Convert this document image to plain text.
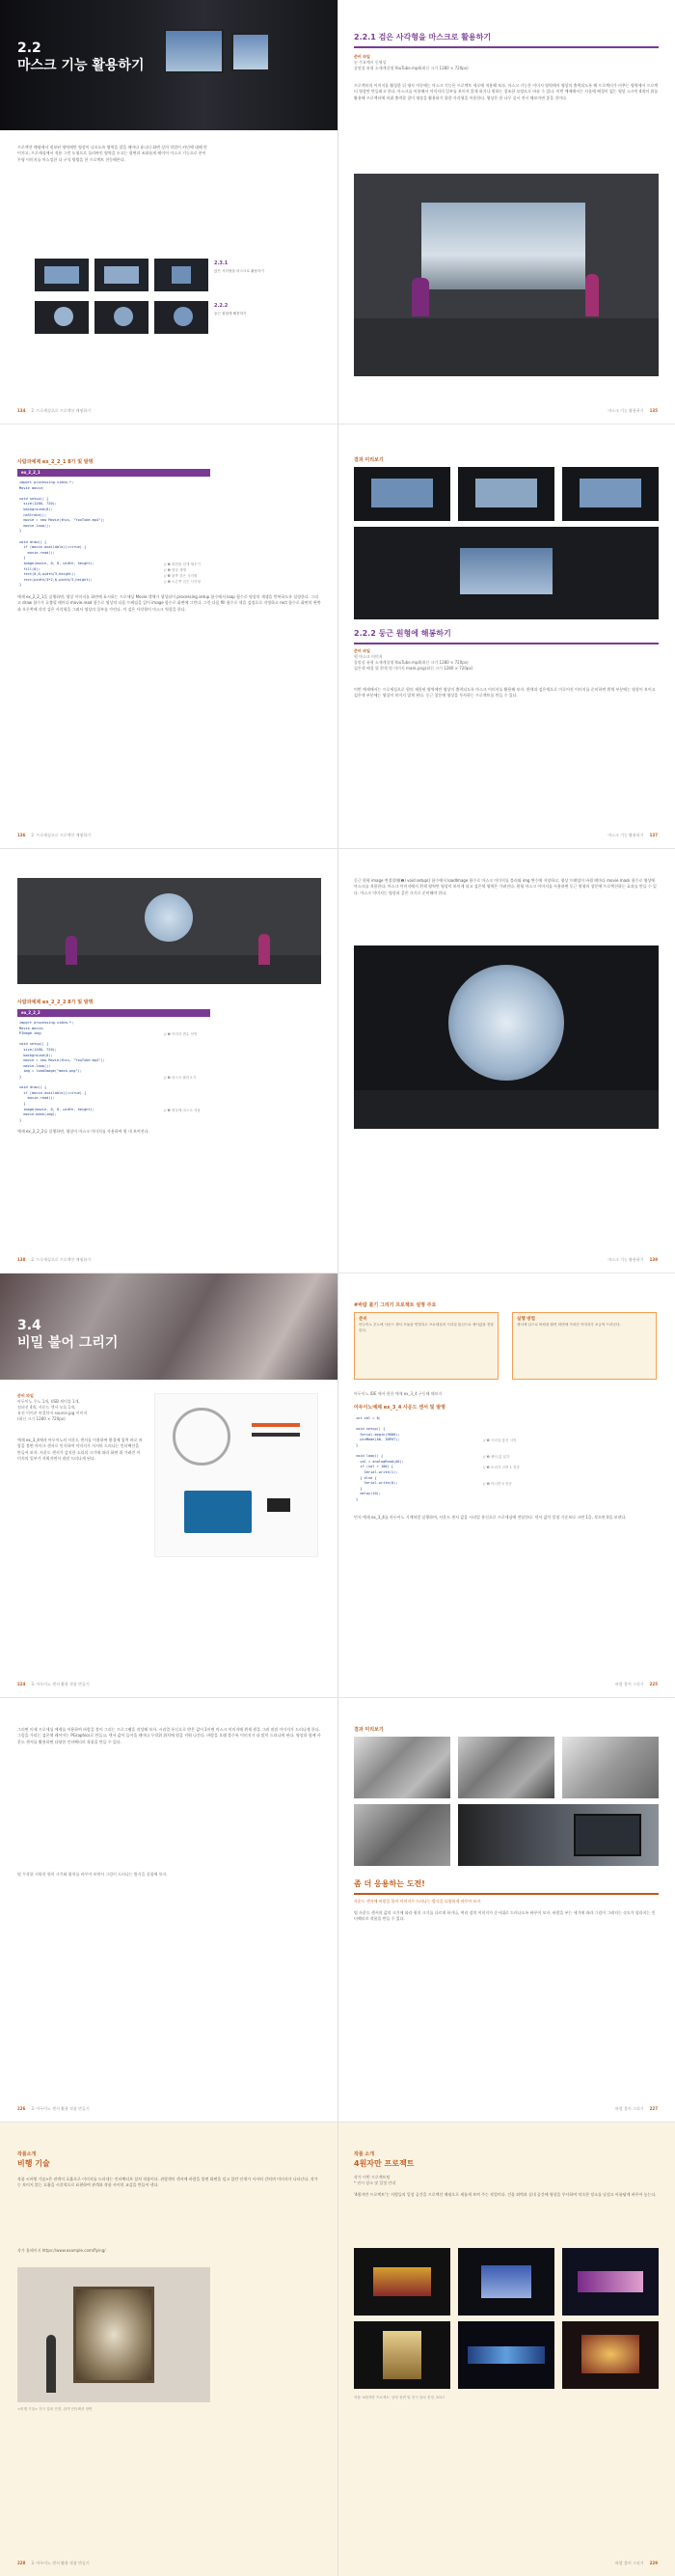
2.2
마스크 기능 활용하기
프로젝션 매핑에서 점보된 영역에만 영상이 나오도록 영역을 잡을 때마다 유니티 화면 상의 작업이 커넌에 대해 만이지고, 프로세싱에서 적용 그런 도형으로 둘러싸인 영역을 두고는 평면과 조화롭게 레이어 이스크 기능으로 본이 투영 이미지를 마스킹한 다 구석 방법을 한 프로젝트 진동해본다.
2.3.1
앉은 사각형을 마스크로 활용하기
2.2.2
둥근 원형에 해봉하기
134 2. 프로세싱으로 프로젝션 매핑하기
2.2.1 검은 사각형을 마스크로 활용하기
준비 파일
눈 주요예시 동영상
물망상 유형 소재계설명 YouTube.mp4(최신 크기 1280 × 720px)
프로젝터의 이미지를 활성한 뒤 영사 이동에는 마스크 기능은 프로젝트 세로에 적용해 보자. 마스크 기능은 이미지 영역에서 영상의 출력되도록 해 프로젝터가 비추는 영역에서 프로젝터 영상만 만들려고 한다. 마스크를 이용해서 이미지의 일부를 보이지 않게 하거나 원하는 창조한 모양으로 바꿀 수 있다. 이번 예제에서는 사물에 배경이 없는 영상 스크린 4개의 위를 활용해 프로젝터에 비춰 출력할 창이 영상을 활용하기 위한 사각형을 이용한다. 영상은 한 나무 실시 전시 해보이면 좋을 것이다.
마스크 기능 활용하기 135
사람과예제 ex_2_2_1 8가 및 발명
ex_2_2_1
import processing.video.*;
Movie movie;

void setup() {
size(1280, 720);
background(0);
noStroke();
movie = new Movie(this, "YouTube.mp4");
movie.loop();
}

void draw() {
if (movie.available()==true) {
movie.read();
}
image(movie, 0, 0, width, height);
fill(0);
rect(0,0,width/3,height);
rect(width/3*2,0,width/3,height);
}
// ❶ 화면을 검게 채우기
// ❷ 영상 재생
// ❸ 왼쪽 검은 사각형
// ❹ 오른쪽 검은 사각형
예제 ex_2_2_1을 실행하면, 영상 이미지를 화면에 표시하는 프로세싱 Movie 객체가 생성되어 processing setup 함수에서 loop 함수로 영상의 재생을 반복하도록 설정한다. 그리고 draw 함수가 호출될 때마다 movie.read 함수로 영상의 다음 프레임을 읽어 image 함수로 화면에 그린다. 그런 다음 fill 함수로 색을 검정으로 지정하고 rect 함수로 화면의 왼쪽과 오른쪽에 각각 검은 사각형을 그려서 영상의 일부를 가린다. 이 검은 사각형이 마스크 역할을 한다.
136 2. 프로세싱으로 프로젝션 매핑하기
결과 미리보기
2.2.2 둥근 원형에 해봉하기
준비 파일
원 마스크 이미지
물망상 유형 소재계설명 YouTube.mp4(최신 크기 1280 × 720px)
검은색 배경 위 흰색 원 이미지 mask.png(최신 크기 1280 × 720px)
이번 예제에서는 프로세싱으로 원의 제한된 영역에만 영상이 출력되도록 마스크 이미지를 활용해 보자. 흰색과 검은색으로 이루어진 이미지를 준비하면 흰색 부분에는 영상이 보이고 검은색 부분에는 영상이 보이지 않게 된다. 둥근 창문에 영상을 투사하는 프로젝트를 만들 수 있다.
마스크 기능 활용하기 137
사람과예제 ex_2_2_2 8가 및 발명
ex_2_2_2
import processing.video.*;
Movie movie;
PImage img;

void setup() {
size(1280, 720);
background(0);
movie = new Movie(this, "YouTube.mp4");
movie.loop();
img = loadImage("mask.png");
}

void draw() {
if (movie.available()==true) {
movie.read();
}
image(movie, 0, 0, width, height);
movie.mask(img);
}
// ❶ 이미지 변수 선언
// ❷ 마스크 불러오기
// ❸ 영상에 마스크 적용
예제 ex_2_2_2를 실행하면, 영상이 마스크 이미지를 사용하여 원 내 보여진다.
138 2. 프로세싱으로 프로젝션 매핑하기
둥근 원형 image 변경할때(❶) void setup() 함수에서 loadImage 함수로 마스크 이미지를 불러와 img 변수에 저장하고, 영상 프레임이 바뀔 때마다 movie.mask 함수로 영상에 마스크를 적용한다. 마스크 이미지에서 흰색 영역만 영상이 보이게 되고 검은색 영역은 가려진다. 원형 마스크 이미지를 사용하면 둥근 원형의 창문에 프로젝션하는 효과를 만들 수 있다. 마스크 이미지는 영상과 같은 크기로 준비해야 한다.
마스크 기능 활용하기 139
3.4
비밀 불어 그리기
준비 파일
아두이노 우노 1개, USB 케이블 1개,
점퍼선 4개, 사운드 센서 모듈 1개,
유선 이어폰 연결단자 source.jpg 이미지
(최신 크기 1280 × 720px)
예제 ex_3_4에서 아두이노의 사운드 센서를 이용하여 환경에 입력 바로 바람을 불면 마이크 센서로 인식하여 이미지가 서서히 드러나는 인터랙션을 만들어 보자. 사운드 센서가 감지한 소리의 크기에 따라 화면 위 가려진 이미지의 일부가 지워지면서 점점 드러나게 된다.
224 3. 아두이노 센서 활용 작품 만들기
#바람 불기 그리기 프로젝트 설명 주요
준비
아두이노 우노에 사운드 센서 모듈을 연결하고 프로세싱과 시리얼 통신으로 센서값을 전달한다.
실행 방법
센서에 입으로 바람을 불면 화면에 가려진 이미지가 조금씩 드러난다.
아두이노 IDE 에서 편한 예제 ex_3_4 구동해 해보자
아두이노예제 ex_3_4 사운드 센서 및 발명
int val = 0;

void setup() {
Serial.begin(9600);
pinMode(A0, INPUT);
}

void loop() {
val = analogRead(A0);
if (val > 100) {
Serial.write(1);
} else {
Serial.write(0);
}
delay(10);
}
// ❶ 시리얼 통신 시작
// ❷ 센서 값 읽기
// ❸ 소리가 크면 1 전송
// ❹ 아니면 0 전송
먼저 예제 ex_3_4를 아두이노 기계처럼 실행하며, 사운드 센서 값을 시리얼 통신으로 프로세싱에 전달한다. 센서 값이 일정 기준보다 크면 1을, 작으면 0을 보낸다.
바람 불어 그리기 225
그러면 이제 프로세싱 예제를 이용하여 바람을 불어 그리는 프로그램을 작성해 보자. 시리얼 통신으로 받은 값이 1이면 마스크 이미지에 흰색 원을 그려 점점 이미지가 드러나게 한다. 그림을 가리는 검은색 레이어는 PGraphics로 만들고, 센서 값이 들어올 때마다 무작위 위치에 원을 지워 나간다. 바람을 오래 불수록 이미지가 더 많이 드러나게 된다. 영상과 함께 사운드 센서를 활용하면 다양한 인터랙티브 작품을 만들 수 있다.
팁 무작위 지워진 원의 크기와 위치를 바꾸어 보면서 그림이 드러나는 방식을 실험해 보자.
226 3. 아두이노 센서 활용 작품 만들기
결과 미리보기
좀 더 응용하는 도전!
사운드 센서에 바람을 불어 이미지가 드러나는 방식을 다양하게 바꾸어 보자
팁 사운드 센서의 값의 크기에 따라 원의 크기를 다르게 하거나, 여러 장의 이미지가 순서대로 드러나도록 바꾸어 보자. 바람을 부는 세기에 따라 그림이 그려지는 속도가 달라지는 인터랙티브 작품을 만들 수 있다.
바람 불어 그리기 227
작품소개
비행 기술
작품 <비행 기술>은 관객이 호흡으로 이미지를 드러내는 인터랙티브 설치 작품이다. 관람객이 센서에 바람을 불면 화면을 덮고 있던 안개가 서서히 걷히며 이미지가 나타난다. 작가는 보이지 않는 호흡을 시각적으로 표현하여 관객과 작품 사이의 교감을 만들어 낸다.
작가 홈페이지 https://www.example.com/flying/
<비행 기술> 전시 설치 전경, 관객 인터랙션 장면
228 3. 아두이노 센서 활용 작품 만들기
작품 소개
4원자만 프로젝트
작가 이번 프로젝트팀
* 전시 장소 및 일정 안내
'4원자만 프로젝트'는 사람들의 일상 공간을 프로젝션 매핑으로 새롭게 보여 주는 작업이다. 건물 외벽과 실내 공간에 영상을 투사하여 익숙한 장소를 낯설고 아름답게 바꾸어 놓는다.
작품 '4원자만 프로젝트' 상영 장면 및 전시 설치 전경, 2017
바람 불어 그리기 229
